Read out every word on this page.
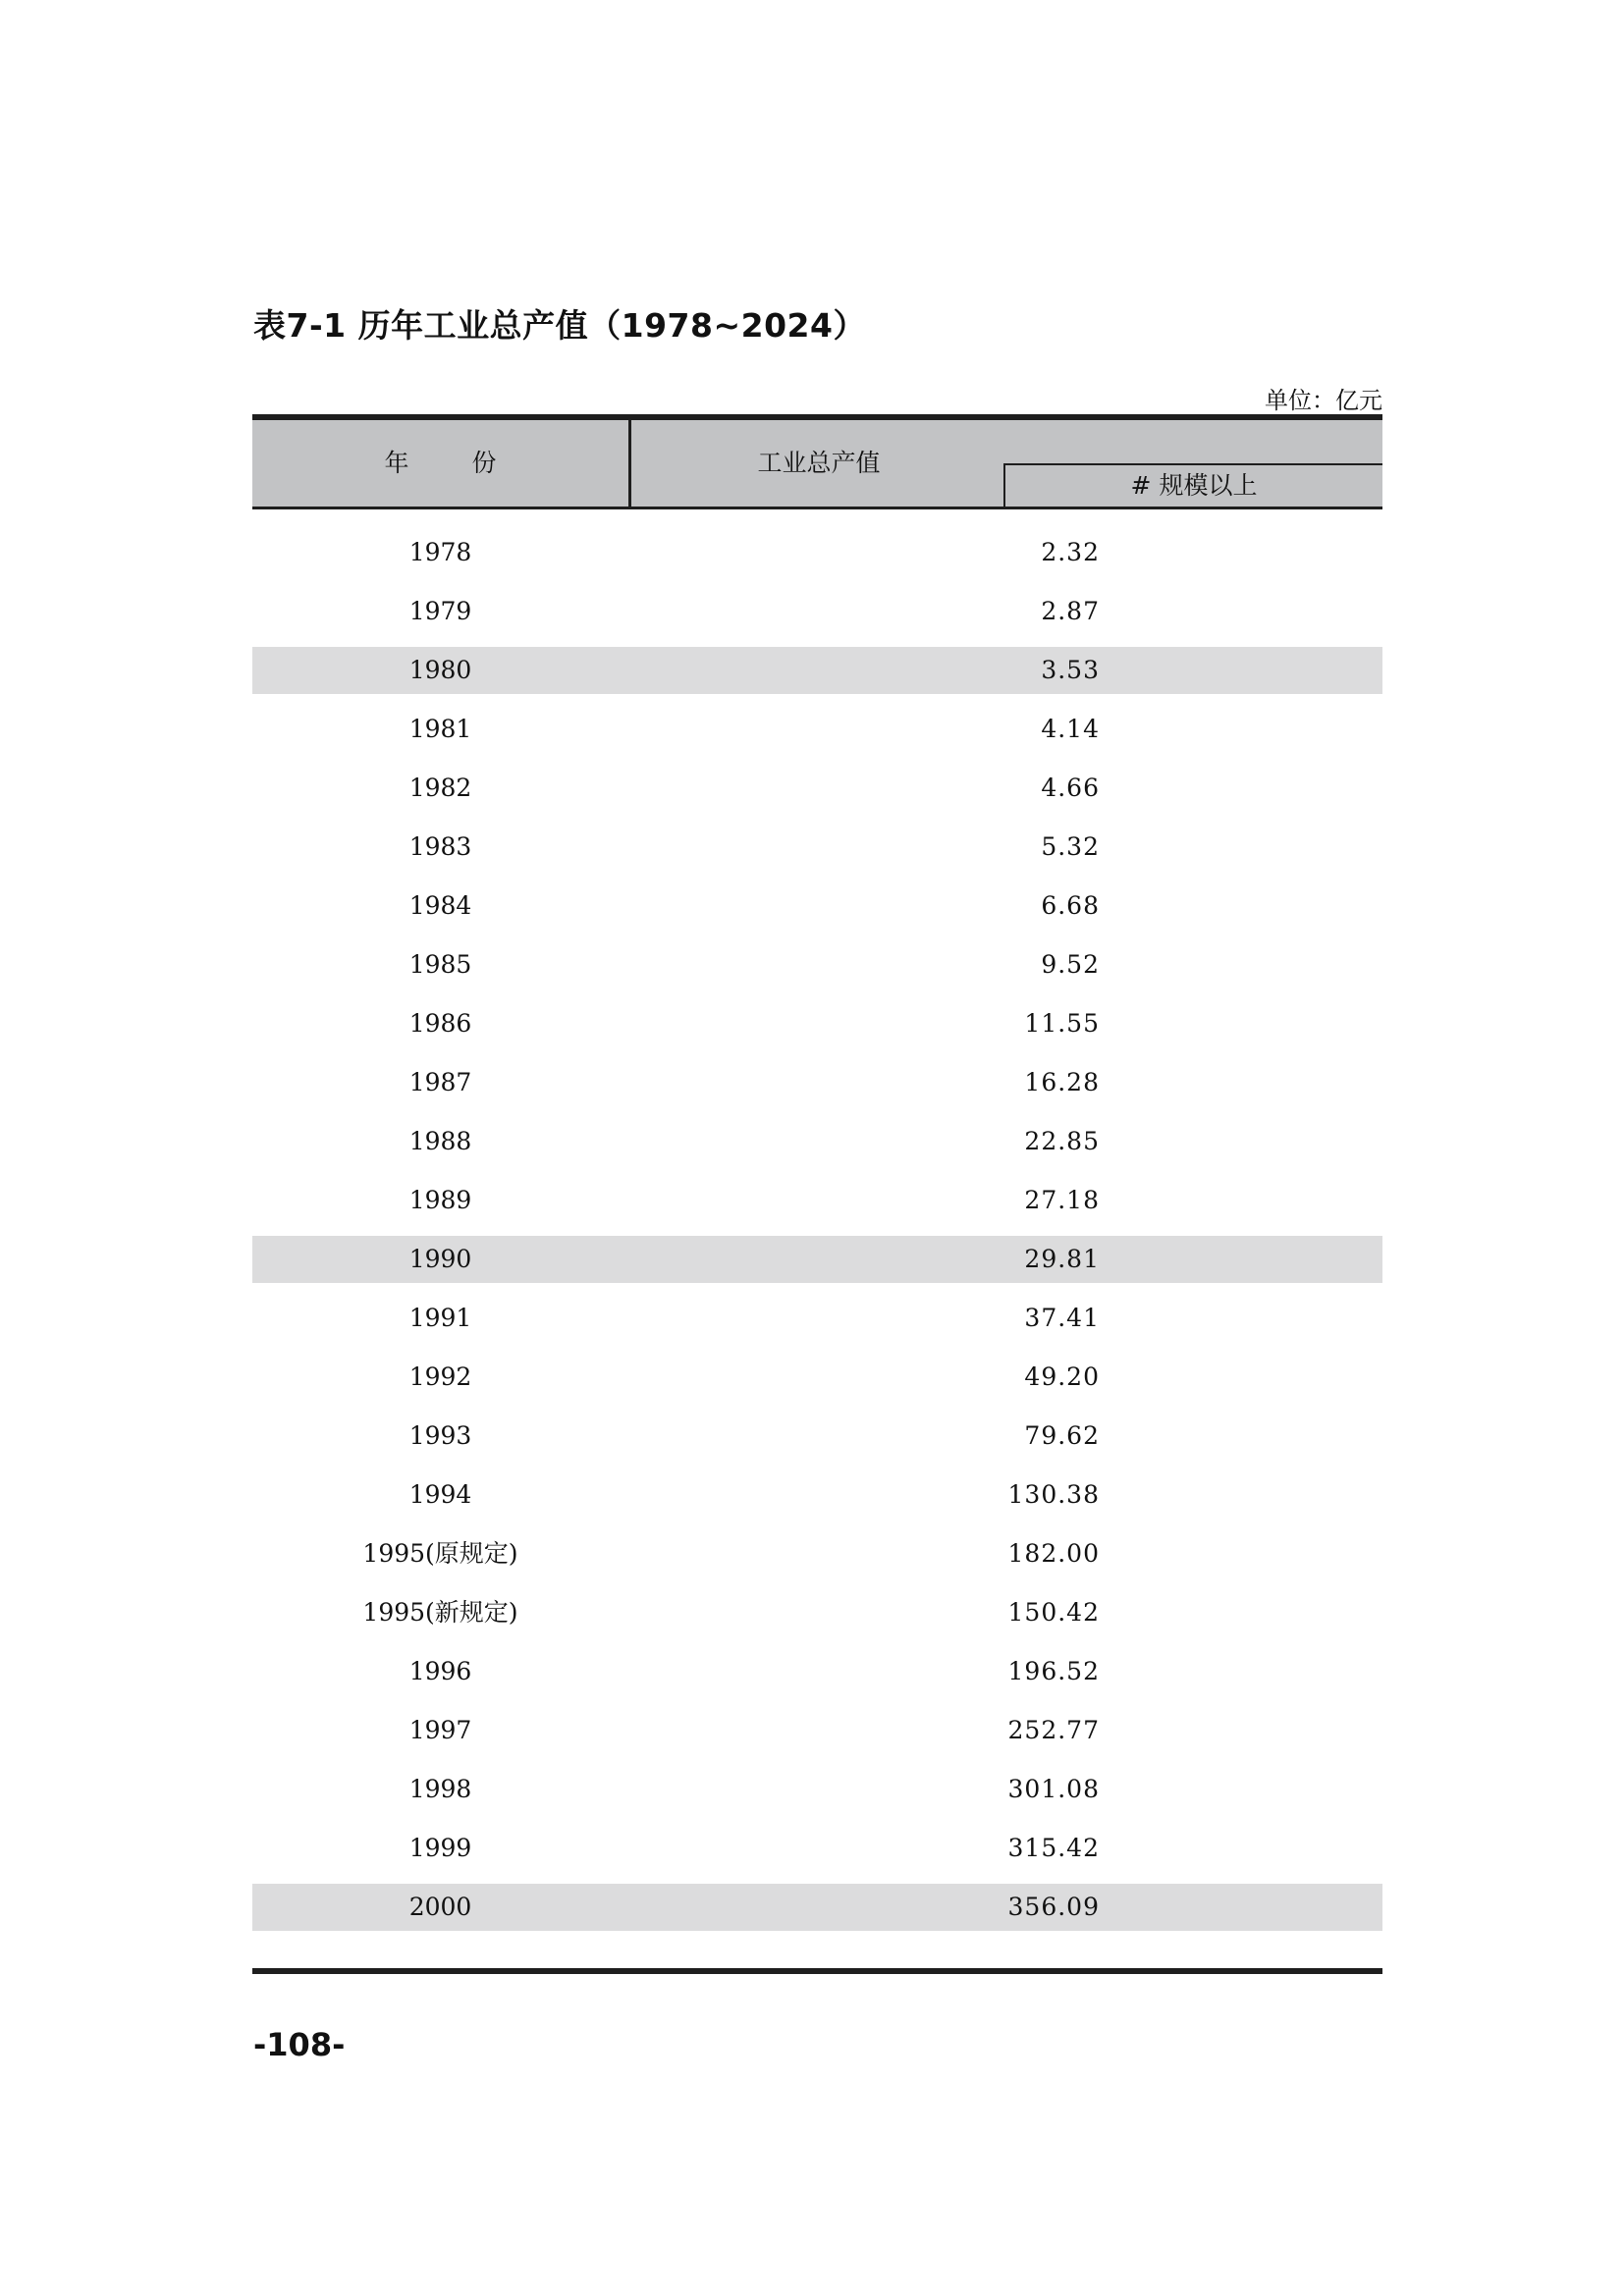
表7-1 历年工业总产值（1978~2024）
单位：亿元
年 份	工业总产值
# 规模以上
1978	2.32
1979	2.87
1980	3.53
1981	4.14
1982	4.66
1983	5.32
1984	6.68
1985	9.52
1986	11.55
1987	16.28
1988	22.85
1989	27.18
1990	29.81
1991	37.41
1992	49.20
1993	79.62
1994	130.38
1995(原规定)	182.00
1995(新规定)	150.42
1996	196.52
1997	252.77
1998	301.08
1999	315.42
2000	356.09
-108-
